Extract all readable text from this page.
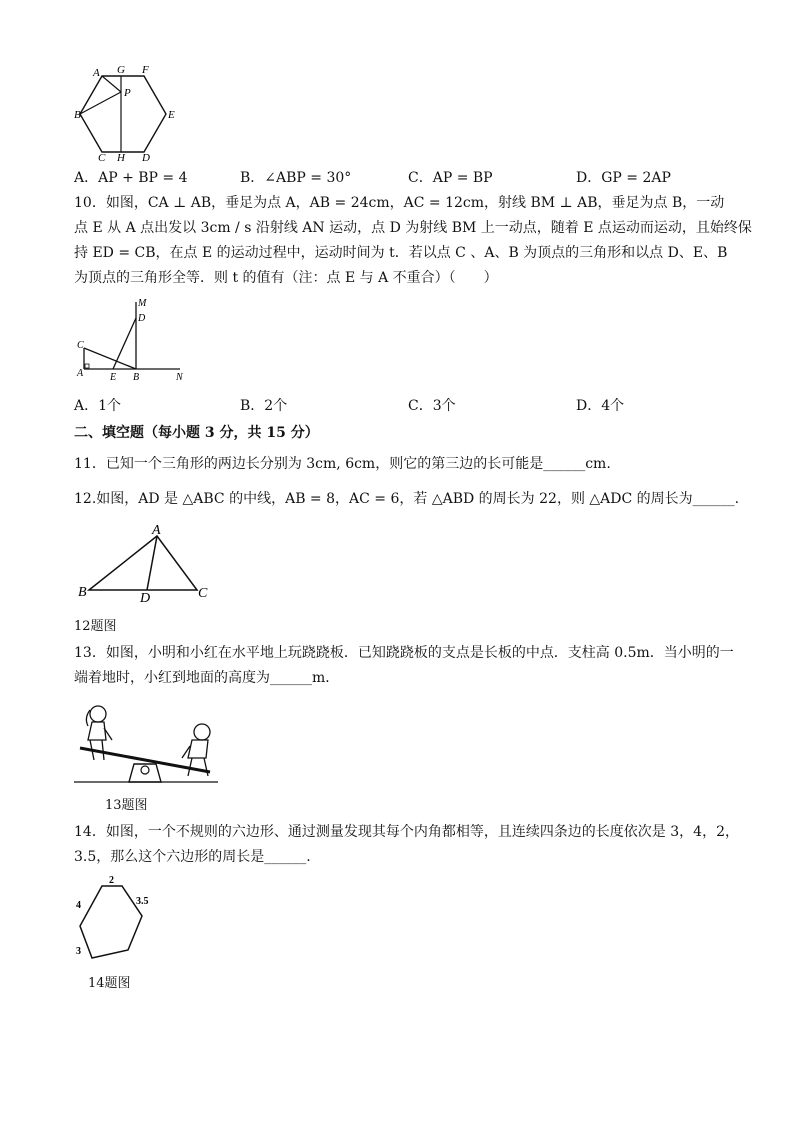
A G F
P
B	E
C H D
A．AP + BP = 4	B．∠ABP = 30°	C．AP = BP	D．GP = 2AP
10．如图，CA ⊥ AB，垂足为点 A，AB = 24cm，AC = 12cm，射线 BM ⊥ AB，垂足为点 B，一动
点 E 从 A 点出发以 3cm / s 沿射线 AN 运动，点 D 为射线 BM 上一动点，随着 E 点运动而运动，且始终保
持 ED = CB，在点 E 的运动过程中，运动时间为 t．若以点 C 、A、B 为顶点的三角形和以点 D、E、B
为顶点的三角形全等．则 t 的值有（注：点 E 与 A 不重合）（　　）
M
D
C
A	E B	N
A．1个	B．2个	C．3个	D．4个
二、填空题（每小题 3 分，共 15 分）
11．已知一个三角形的两边长分别为 3cm, 6cm，则它的第三边的长可能是______cm.
12.如图，AD 是 △ABC 的中线，AB = 8，AC = 6，若 △ABD 的周长为 22，则 △ADC 的周长为______.
A
B	D	C
12题图
13．如图，小明和小红在水平地上玩跷跷板．已知跷跷板的支点是长板的中点．支柱高 0.5m．当小明的一
端着地时，小红到地面的高度为______m．
13题图
14．如图，一个不规则的六边形、通过测量发现其每个内角都相等，且连续四条边的长度依次是 3，4，2，
3.5，那么这个六边形的周长是______.
2
3.5
4
3
14题图
